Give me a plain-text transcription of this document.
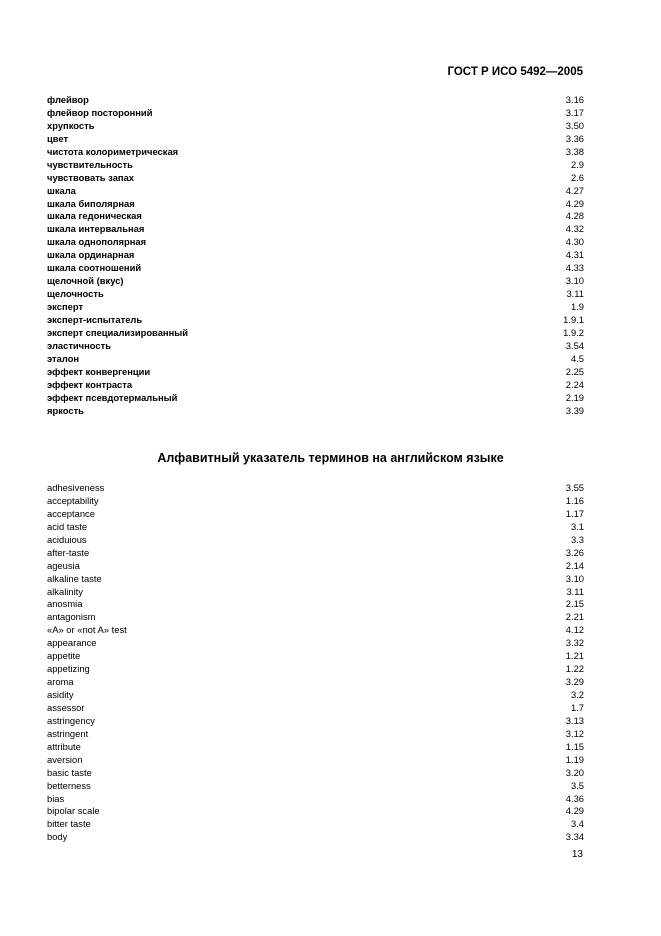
ГОСТ Р ИСО 5492—2005
флейвор	3.16
флейвор посторонний	3.17
хрупкость	3.50
цвет	3.36
чистота колориметрическая	3.38
чувствительность	2.9
чувствовать запах	2.6
шкала	4.27
шкала биполярная	4.29
шкала гедоническая	4.28
шкала интервальная	4.32
шкала однополярная	4.30
шкала ординарная	4.31
шкала соотношений	4.33
щелочной (вкус)	3.10
щелочность	3.11
эксперт	1.9
эксперт-испытатель	1.9.1
эксперт специализированный	1.9.2
эластичность	3.54
эталон	4.5
эффект конвергенции	2.25
эффект контраста	2.24
эффект псевдотермальный	2.19
яркость	3.39
Алфавитный указатель терминов на английском языке
adhesiveness	3.55
acceptability	1.16
acceptance	1.17
acid taste	3.1
aciduious	3.3
after-taste	3.26
ageusia	2.14
alkaline taste	3.10
alkalinity	3.11
anosmia	2.15
antagonism	2.21
«A» or «not A» test	4.12
appearance	3.32
appetite	1.21
appetizing	1.22
aroma	3.29
asidity	3.2
assessor	1.7
astringency	3.13
astringent	3.12
attribute	1.15
aversion	1.19
basic taste	3.20
betterness	3.5
bias	4.36
bipolar scale	4.29
bitter taste	3.4
body	3.34
13
